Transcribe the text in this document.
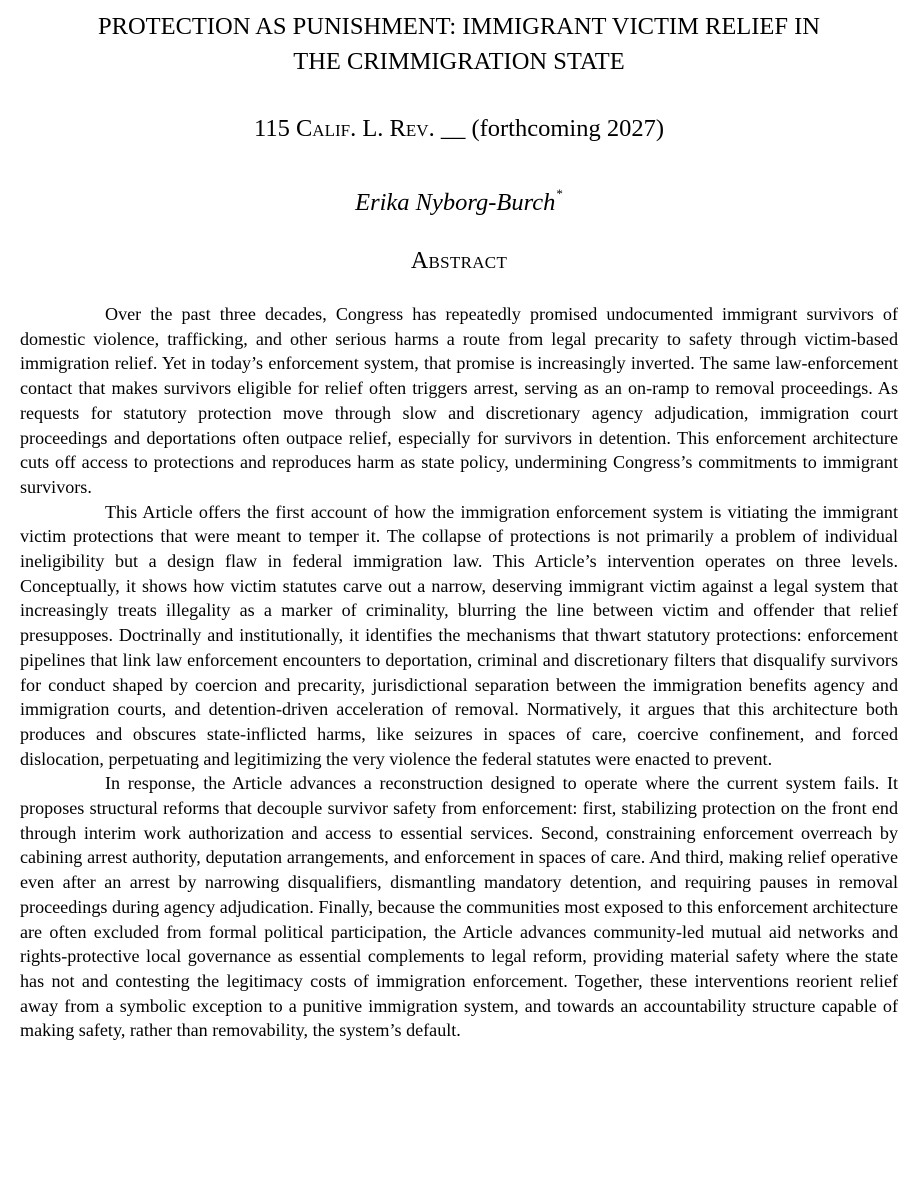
PROTECTION AS PUNISHMENT: IMMIGRANT VICTIM RELIEF IN
THE CRIMMIGRATION STATE
115 Calif. L. Rev. __ (forthcoming 2027)
Erika Nyborg-Burch*
Abstract

Over the past three decades, Congress has repeatedly promised undocumented immigrant survivors of domestic violence, trafficking, and other serious harms a route from legal precarity to safety through victim-based immigration relief. Yet in today’s enforcement system, that promise is increasingly inverted. The same law-enforcement contact that makes survivors eligible for relief often triggers arrest, serving as an on-ramp to removal proceedings. As requests for statutory protection move through slow and discretionary agency adjudication, immigration court proceedings and deportations often outpace relief, especially for survivors in detention. This enforcement architecture cuts off access to protections and reproduces harm as state policy, undermining Congress’s commitments to immigrant survivors.

This Article offers the first account of how the immigration enforcement system is vitiating the immigrant victim protections that were meant to temper it. The collapse of protections is not primarily a problem of individual ineligibility but a design flaw in federal immigration law. This Article’s intervention operates on three levels. Conceptually, it shows how victim statutes carve out a narrow, deserving immigrant victim against a legal system that increasingly treats illegality as a marker of criminality, blurring the line between victim and offender that relief presupposes. Doctrinally and institutionally, it identifies the mechanisms that thwart statutory protections: enforcement pipelines that link law enforcement encounters to deportation, criminal and discretionary filters that disqualify survivors for conduct shaped by coercion and precarity, jurisdictional separation between the immigration benefits agency and immigration courts, and detention-driven acceleration of removal. Normatively, it argues that this architecture both produces and obscures state-inflicted harms, like seizures in spaces of care, coercive confinement, and forced dislocation, perpetuating and legitimizing the very violence the federal statutes were enacted to prevent.

In response, the Article advances a reconstruction designed to operate where the current system fails. It proposes structural reforms that decouple survivor safety from enforcement: first, stabilizing protection on the front end through interim work authorization and access to essential services. Second, constraining enforcement overreach by cabining arrest authority, deputation arrangements, and enforcement in spaces of care. And third, making relief operative even after an arrest by narrowing disqualifiers, dismantling mandatory detention, and requiring pauses in removal proceedings during agency adjudication. Finally, because the communities most exposed to this enforcement architecture are often excluded from formal political participation, the Article advances community-led mutual aid networks and rights-protective local governance as essential complements to legal reform, providing material safety where the state has not and contesting the legitimacy costs of immigration enforcement. Together, these interventions reorient relief away from a symbolic exception to a punitive immigration system, and towards an accountability structure capable of making safety, rather than removability, the system’s default.
